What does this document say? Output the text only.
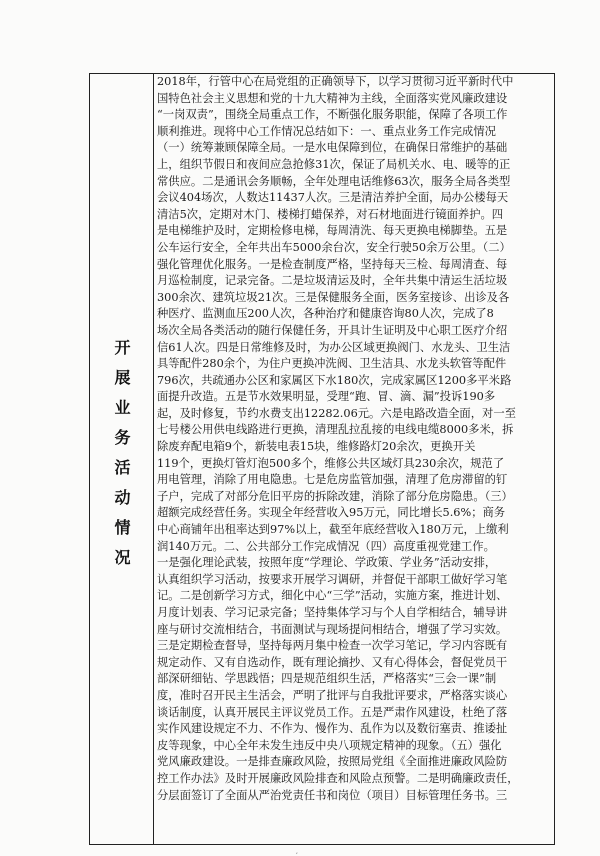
开展业务活动情况
2018年，行管中心在局党组的正确领导下，以学习贯彻习近平新时代中
国特色社会主义思想和党的十九大精神为主线，全面落实党风廉政建设
“一岗双责”，围绕全局重点工作，不断强化服务职能，保障了各项工作
顺利推进。现将中心工作情况总结如下：一、重点业务工作完成情况
（一）统筹兼顾保障全局。一是水电保障到位，在确保日常维护的基础
上，组织节假日和夜间应急抢修31次，保证了局机关水、电、暖等的正
常供应。二是通讯会务顺畅，全年处理电话维修63次，服务全局各类型
会议404场次，人数达11437人次。三是清洁养护全面，局办公楼每天
清洁5次，定期对木门、楼梯打蜡保养，对石材地面进行镜面养护。四
是电梯维护及时，定期检修电梯，每周清洗、每天更换电梯脚垫。五是
公车运行安全，全年共出车5000余台次，安全行驶50余万公里。（二）
强化管理优化服务。一是检查制度严格，坚持每天三检、每周清查、每
月巡检制度，记录完备。二是垃圾清运及时，全年共集中清运生活垃圾
300余次、建筑垃圾21次。三是保健服务全面，医务室接诊、出诊及各
种医疗、监测血压200人次，各种治疗和健康咨询80人次，完成了8
场次全局各类活动的随行保健任务，开具计生证明及中心职工医疗介绍
信61人次。四是日常维修及时，为办公区域更换阀门、水龙头、卫生洁
具等配件280余个，为住户更换冲洗阀、卫生洁具、水龙头软管等配件
796次，共疏通办公区和家属区下水180次，完成家属区1200多平米路
面提升改造。五是节水效果明显，受理“跑、冒、滴、漏”投诉190多
起，及时修复，节约水费支出12282.06元。六是电路改造全面，对一至
七号楼公用供电线路进行更换，清理乱拉乱接的电线电缆8000多米，拆
除废弃配电箱9个，新装电表15块，维修路灯20余次，更换开关
119个，更换灯管灯泡500多个，维修公共区域灯具230余次，规范了
用电管理，消除了用电隐患。七是危房监管加强，清理了危房滞留的钉
子户，完成了对部分危旧平房的拆除改建，消除了部分危房隐患。（三）
超额完成经营任务。实现全年经营收入95万元，同比增长5.6%；商务
中心商铺年出租率达到97%以上，截至年底经营收入180万元，上缴利
润140万元。二、公共部分工作完成情况（四）高度重视党建工作。
一是强化理论武装，按照年度“学理论、学政策、学业务”活动安排，
认真组织学习活动，按要求开展学习调研，并督促干部职工做好学习笔
记。二是创新学习方式，细化中心“三学”活动，实施方案，推进计划、
月度计划表、学习记录完备；坚持集体学习与个人自学相结合，辅导讲
座与研讨交流相结合，书面测试与现场提问相结合，增强了学习实效。
三是定期检查督导，坚持每两月集中检查一次学习笔记，学习内容既有
规定动作、又有自选动作，既有理论摘抄、又有心得体会，督促党员干
部深研细钻、学思践悟；四是规范组织生活，严格落实“三会一课”制
度，准时召开民主生活会，严明了批评与自我批评要求，严格落实谈心
谈话制度，认真开展民主评议党员工作。五是严肃作风建设，杜绝了落
实作风建设规定不力、不作为、慢作为、乱作为以及数衍塞责、推诿扯
皮等现象，中心全年未发生违反中央八项规定精神的现象。（五）强化
党风廉政建设。一是排查廉政风险，按照局党组《全面推进廉政风险防
控工作办法》及时开展廉政风险排查和风险点预警。二是明确廉政责任，
分层面签订了全面从严治党责任书和岗位（项目）目标管理任务书。三
,
